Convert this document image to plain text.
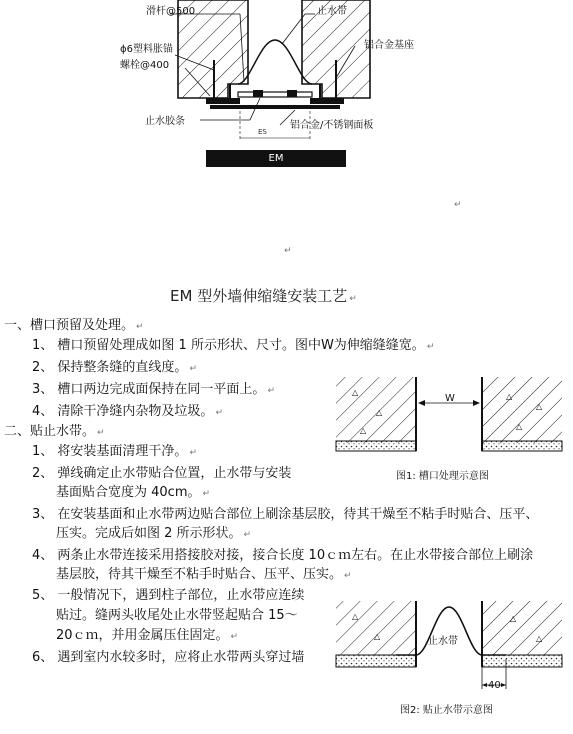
滑杆@500	止水带
ϕ6塑料胀锚
螺栓@400
铝合金基座
止水胶条	铝合金/不锈钢面板
ES
EM
↵
↵
EM 型外墙伸缩缝安装工艺 ↵
一、槽口预留及处理。 ↵
1、 槽口预留处理成如图 1 所示形状、尺寸。图中W为伸缩缝缝宽。 ↵
2、 保持整条缝的直线度。 ↵
3、 槽口两边完成面保持在同一平面上。 ↵
4、 清除干净缝内杂物及垃圾。 ↵
二、贴止水带。 ↵
1、 将安装基面清理干净。 ↵
2、 弹线确定止水带贴合位置，止水带与安装
基面贴合宽度为 40cm。 ↵
3、 在安装基面和止水带两边贴合部位上刷涂基层胶，待其干燥至不粘手时贴合、压平、
压实。完成后如图 2 所示形状。 ↵
4、 两条止水带连接采用搭接胶对接，接合长度 10ｃｍ左右。在止水带接合部位上刷涂
基层胶，待其干燥至不粘手时贴合、压平、压实。 ↵
5、 一般情况下，遇到柱子部位，止水带应连续
贴过。缝两头收尾处止水带竖起贴合 15～
20ｃｍ，并用金属压住固定。 ↵
6、 遇到室内水较多时，应将止水带两头穿过墙
△
△
△
△
△
△
W
图1: 槽口处理示意图
△
△
△
△
止水带
40
图2: 贴止水带示意图
